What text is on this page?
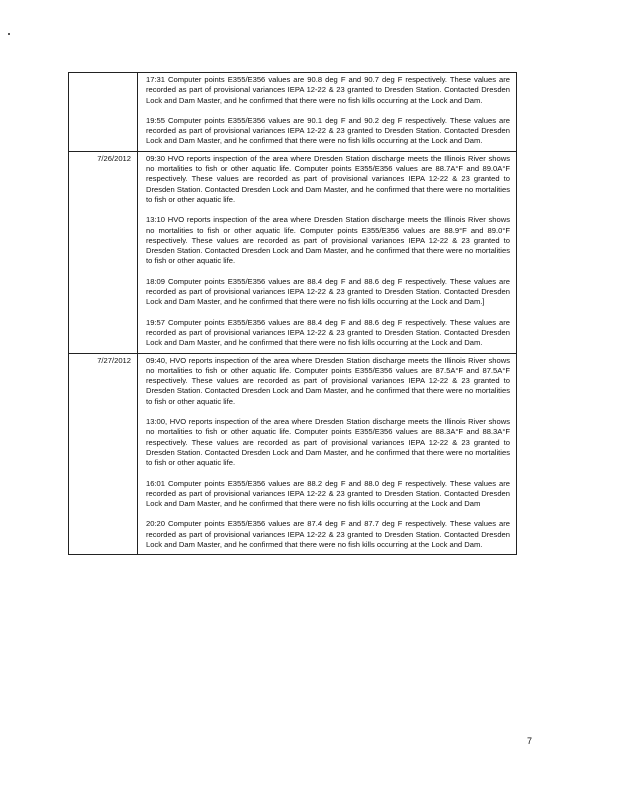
	17:31 Computer points E355/E356 values are 90.8 deg F and 90.7 deg F respectively. These values are recorded as part of provisional variances IEPA 12-22 & 23 granted to Dresden Station. Contacted Dresden Lock and Dam Master, and he confirmed that there were no fish kills occurring at the Lock and Dam.

19:55 Computer points E355/E356 values are 90.1 deg F and 90.2 deg F respectively. These values are recorded as part of provisional variances IEPA 12-22 & 23 granted to Dresden Station. Contacted Dresden Lock and Dam Master, and he confirmed that there were no fish kills occurring at the Lock and Dam.

7/26/2012	09:30 HVO reports inspection of the area where Dresden Station discharge meets the Illinois River shows no mortalities to fish or other aquatic life. Computer points E355/E356 values are 88.7A°F and 89.0A°F respectively. These values are recorded as part of provisional variances IEPA 12-22 & 23 granted to Dresden Station. Contacted Dresden Lock and Dam Master, and he confirmed that there were no mortalities to fish or other aquatic life.

13:10 HVO reports inspection of the area where Dresden Station discharge meets the Illinois River shows no mortalities to fish or other aquatic life. Computer points E355/E356 values are 88.9°F and 89.0°F respectively. These values are recorded as part of provisional variances IEPA 12-22 & 23 granted to Dresden Station. Contacted Dresden Lock and Dam Master, and he confirmed that there were no mortalities to fish or other aquatic life.

18:09 Computer points E355/E356 values are 88.4 deg F and 88.6 deg F respectively. These values are recorded as part of provisional variances IEPA 12-22 & 23 granted to Dresden Station. Contacted Dresden Lock and Dam Master, and he confirmed that there were no fish kills occurring at the Lock and Dam.]

19:57 Computer points E355/E356 values are 88.4 deg F and 88.6 deg F respectively. These values are recorded as part of provisional variances IEPA 12-22 & 23 granted to Dresden Station. Contacted Dresden Lock and Dam Master, and he confirmed that there were no fish kills occurring at the Lock and Dam.

7/27/2012	09:40, HVO reports inspection of the area where Dresden Station discharge meets the Illinois River shows no mortalities to fish or other aquatic life. Computer points E355/E356 values are 87.5A°F and 87.5A°F respectively. These values are recorded as part of provisional variances IEPA 12-22 & 23 granted to Dresden Station. Contacted Dresden Lock and Dam Master, and he confirmed that there were no mortalities to fish or other aquatic life.

13:00, HVO reports inspection of the area where Dresden Station discharge meets the Illinois River shows no mortalities to fish or other aquatic life. Computer points E355/E356 values are 88.3A°F and 88.3A°F respectively. These values are recorded as part of provisional variances IEPA 12-22 & 23 granted to Dresden Station. Contacted Dresden Lock and Dam Master, and he confirmed that there were no mortalities to fish or other aquatic life.

16:01 Computer points E355/E356 values are 88.2 deg F and 88.0 deg F respectively. These values are recorded as part of provisional variances IEPA 12-22 & 23 granted to Dresden Station. Contacted Dresden Lock and Dam Master, and he confirmed that there were no fish kills occurring at the Lock and Dam

20:20 Computer points E355/E356 values are 87.4 deg F and 87.7 deg F respectively. These values are recorded as part of provisional variances IEPA 12-22 & 23 granted to Dresden Station. Contacted Dresden Lock and Dam Master, and he confirmed that there were no fish kills occurring at the Lock and Dam.

7
